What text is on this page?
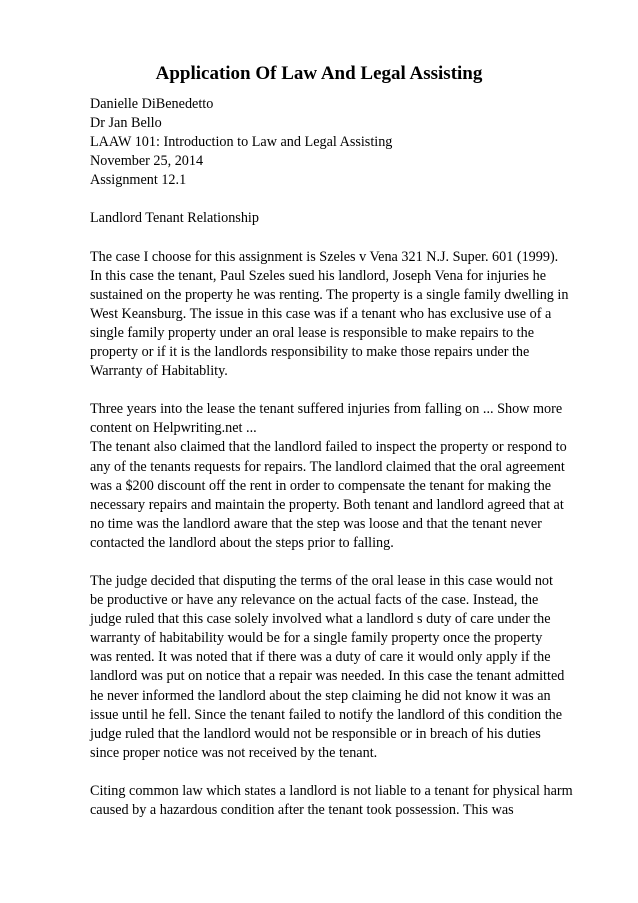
Application Of Law And Legal Assisting
Danielle DiBenedetto
Dr Jan Bello
LAAW 101: Introduction to Law and Legal Assisting
November 25, 2014
Assignment 12.1

Landlord Tenant Relationship

The case I choose for this assignment is Szeles v Vena 321 N.J. Super. 601 (1999).
In this case the tenant, Paul Szeles sued his landlord, Joseph Vena for injuries he
sustained on the property he was renting. The property is a single family dwelling in
West Keansburg. The issue in this case was if a tenant who has exclusive use of a
single family property under an oral lease is responsible to make repairs to the
property or if it is the landlords responsibility to make those repairs under the
Warranty of Habitablity.

Three years into the lease the tenant suffered injuries from falling on ... Show more
content on Helpwriting.net ...
The tenant also claimed that the landlord failed to inspect the property or respond to
any of the tenants requests for repairs. The landlord claimed that the oral agreement
was a $200 discount off the rent in order to compensate the tenant for making the
necessary repairs and maintain the property. Both tenant and landlord agreed that at
no time was the landlord aware that the step was loose and that the tenant never
contacted the landlord about the steps prior to falling.

The judge decided that disputing the terms of the oral lease in this case would not
be productive or have any relevance on the actual facts of the case. Instead, the
judge ruled that this case solely involved what a landlord s duty of care under the
warranty of habitability would be for a single family property once the property
was rented. It was noted that if there was a duty of care it would only apply if the
landlord was put on notice that a repair was needed. In this case the tenant admitted
he never informed the landlord about the step claiming he did not know it was an
issue until he fell. Since the tenant failed to notify the landlord of this condition the
judge ruled that the landlord would not be responsible or in breach of his duties
since proper notice was not received by the tenant.

Citing common law which states a landlord is not liable to a tenant for physical harm
caused by a hazardous condition after the tenant took possession. This was
